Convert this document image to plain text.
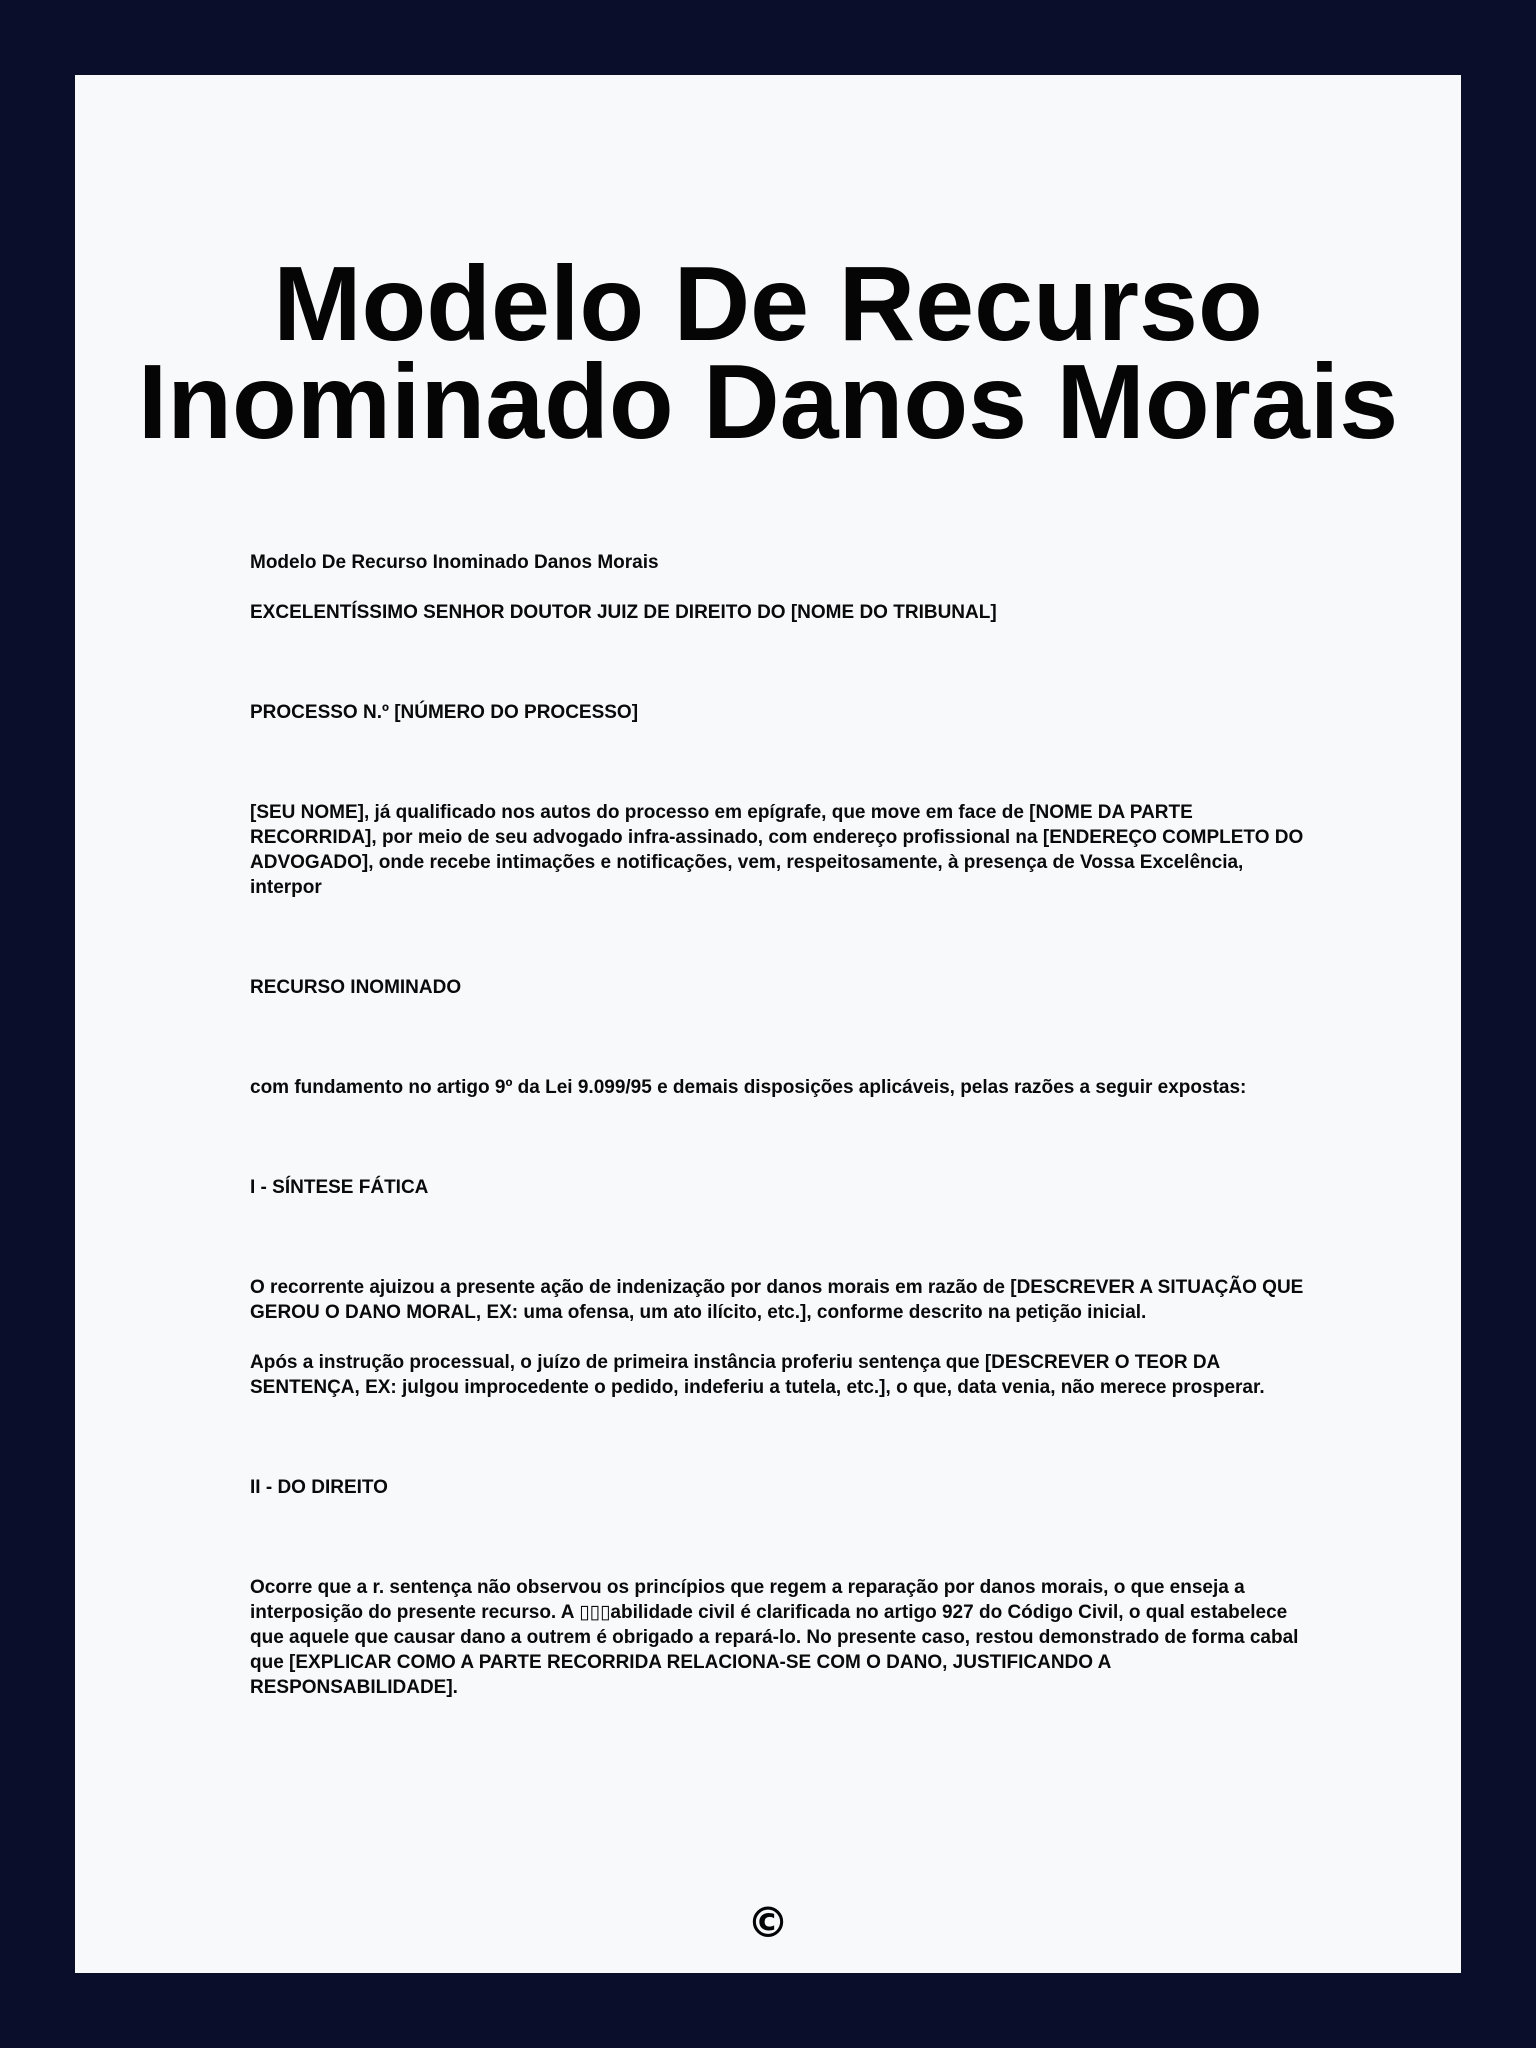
Modelo De Recurso
Inominado Danos Morais

Modelo De Recurso Inominado Danos Morais

EXCELENTÍSSIMO SENHOR DOUTOR JUIZ DE DIREITO DO [NOME DO TRIBUNAL]

PROCESSO N.º [NÚMERO DO PROCESSO]

[SEU NOME], já qualificado nos autos do processo em epígrafe, que move em face de [NOME DA PARTE RECORRIDA], por meio de seu advogado infra-assinado, com endereço profissional na [ENDEREÇO COMPLETO DO ADVOGADO], onde recebe intimações e notificações, vem, respeitosamente, à presença de Vossa Excelência, interpor

RECURSO INOMINADO

com fundamento no artigo 9º da Lei 9.099/95 e demais disposições aplicáveis, pelas razões a seguir expostas:

I - SÍNTESE FÁTICA

O recorrente ajuizou a presente ação de indenização por danos morais em razão de [DESCREVER A SITUAÇÃO QUE GEROU O DANO MORAL, EX: uma ofensa, um ato ilícito, etc.], conforme descrito na petição inicial.

Após a instrução processual, o juízo de primeira instância proferiu sentença que [DESCREVER O TEOR DA SENTENÇA, EX: julgou improcedente o pedido, indeferiu a tutela, etc.], o que, data venia, não merece prosperar.

II - DO DIREITO

Ocorre que a r. sentença não observou os princípios que regem a reparação por danos morais, o que enseja a interposição do presente recurso. A ▯▯▯abilidade civil é clarificada no artigo 927 do Código Civil, o qual estabelece que aquele que causar dano a outrem é obrigado a repará-lo. No presente caso, restou demonstrado de forma cabal que [EXPLICAR COMO A PARTE RECORRIDA RELACIONA-SE COM O DANO, JUSTIFICANDO A RESPONSABILIDADE].

©
